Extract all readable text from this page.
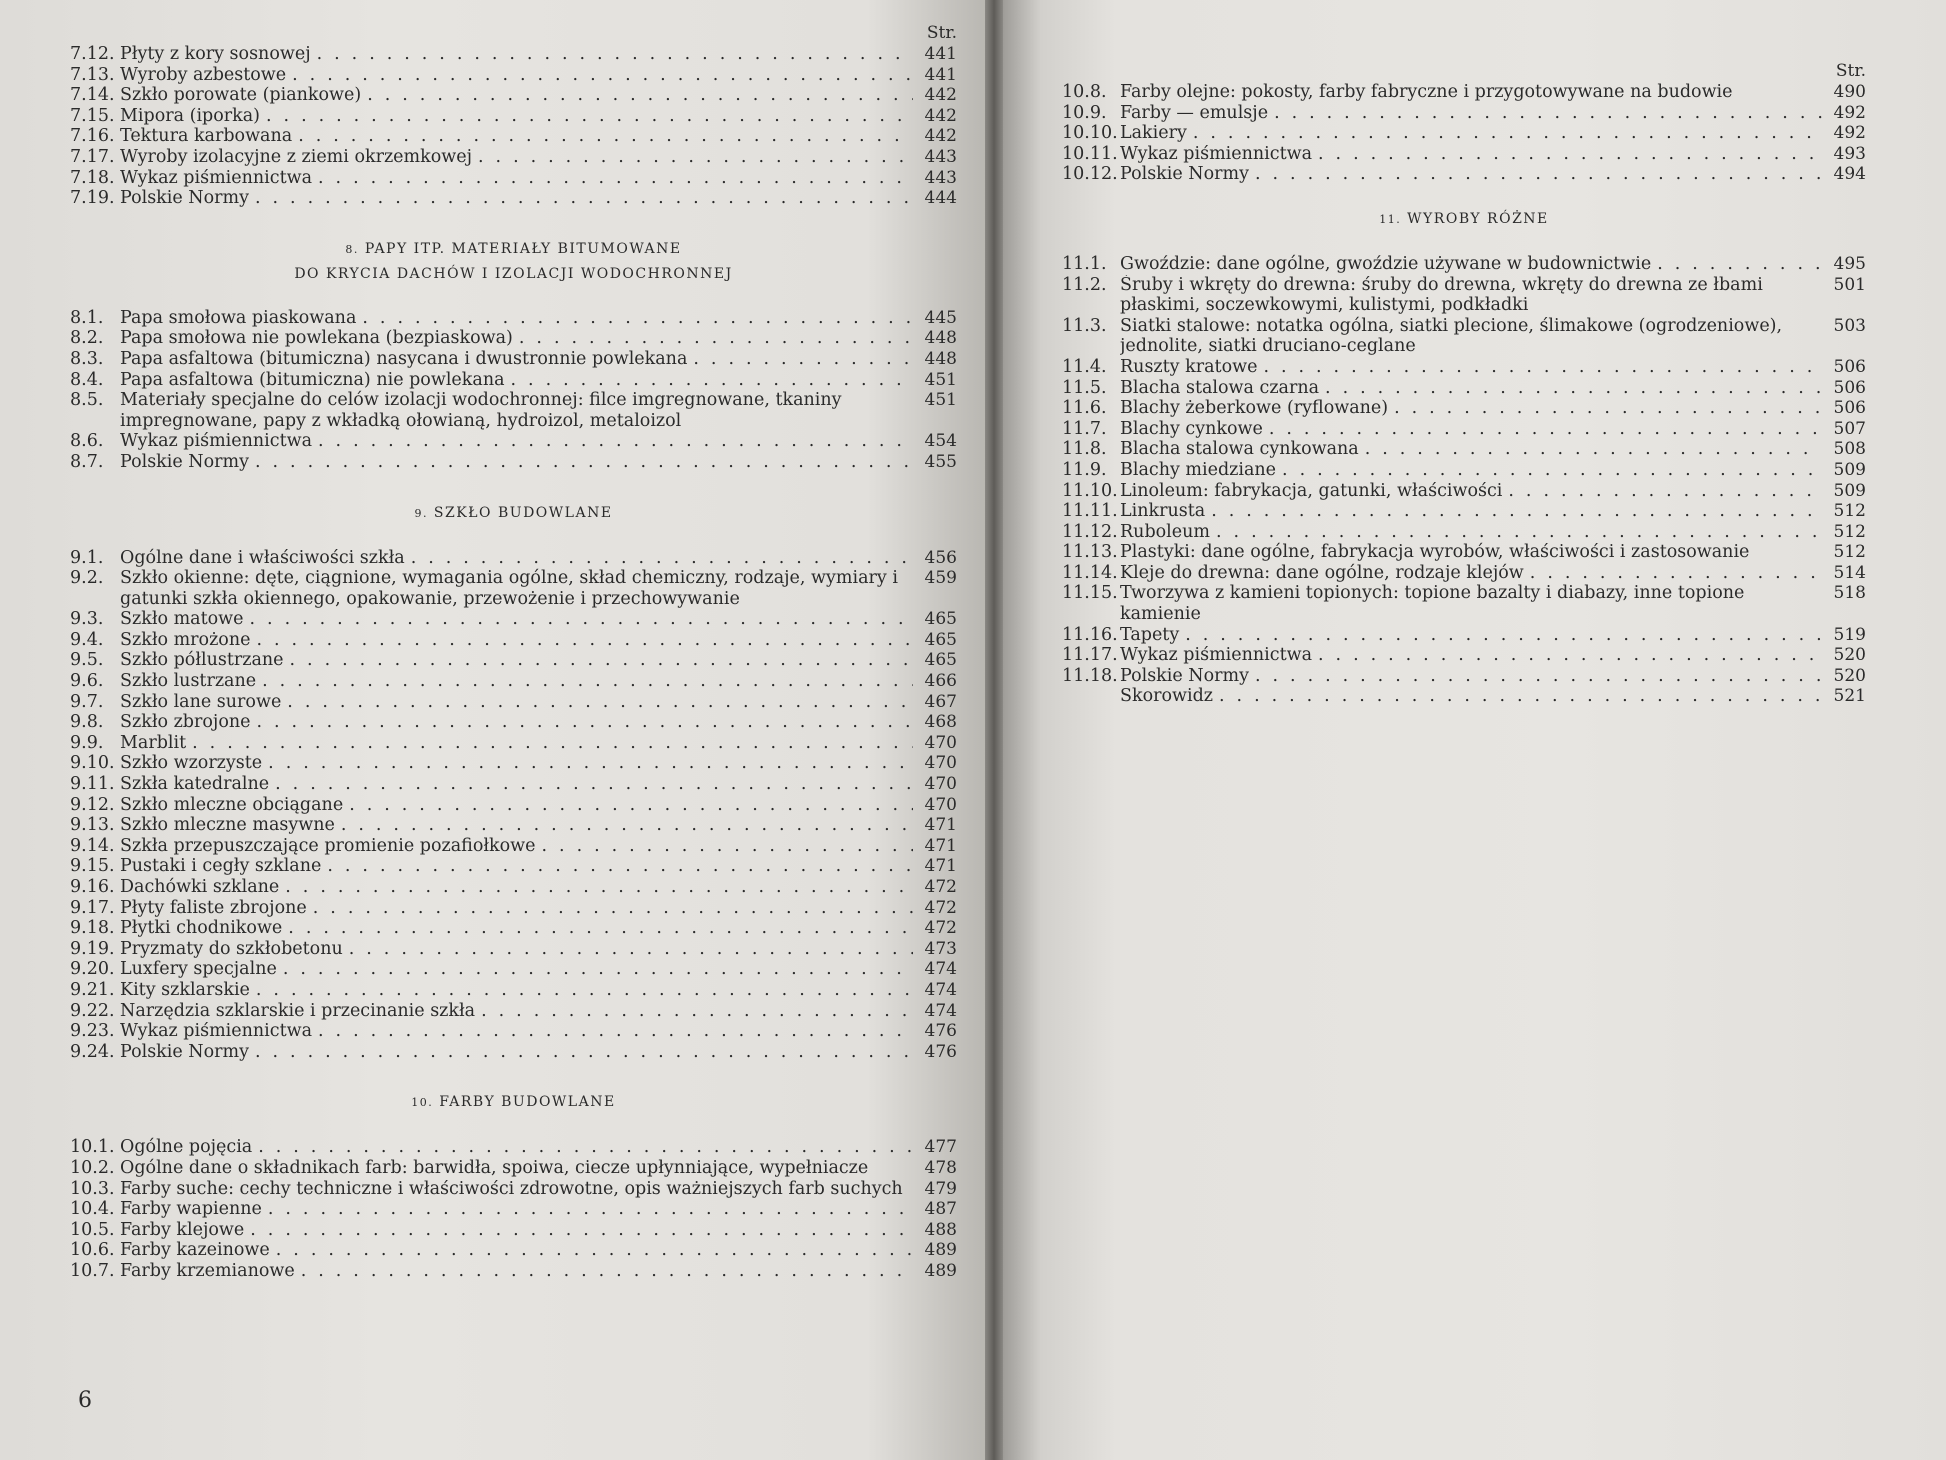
Str.
7.12. Płyty z kory sosnowej . . .	441
7.13. Wyroby azbestowe . . .	441
7.14. Szkło porowate (piankowe) . . .	442
7.15. Mipora (iporka) . . .	442
7.16. Tektura karbowana . . .	442
7.17. Wyroby izolacyjne z ziemi okrzemkowej . . .	443
7.18. Wykaz piśmiennictwa . . .	443
7.19. Polskie Normy . . .	444
8. PAPY ITP. MATERIAŁY BITUMOWANE
DO KRYCIA DACHÓW I IZOLACJI WODOCHRONNEJ
8.1. Papa smołowa piaskowana . . .	445
8.2. Papa smołowa nie powlekana (bezpiaskowa) . . .	448
8.3. Papa asfaltowa (bitumiczna) nasycana i dwustronnie powlekana . . .	448
8.4. Papa asfaltowa (bitumiczna) nie powlekana . . .	451
8.5. Materiały specjalne do celów izolacji wodochronnej: filce imgregnowane, tkaniny impregnowane, papy z wkładką ołowianą, hydroizol, metaloizol
451
8.6. Wykaz piśmiennictwa . . .	454
8.7. Polskie Normy . . .	455
9. SZKŁO BUDOWLANE
9.1. Ogólne dane i właściwości szkła . . .	456
9.2. Szkło okienne: dęte, ciągnione, wymagania ogólne, skład chemiczny, rodzaje, wymiary i gatunki szkła okiennego, opakowanie, przewożenie i przechowywanie
459
9.3. Szkło matowe . . .	465
9.4. Szkło mrożone . . .	465
9.5. Szkło półlustrzane . . .	465
9.6. Szkło lustrzane . . .	466
9.7. Szkło lane surowe . . .	467
9.8. Szkło zbrojone . . .	468
9.9. Marblit . . .	470
9.10. Szkło wzorzyste . . .	470
9.11. Szkła katedralne . . .	470
9.12. Szkło mleczne obciągane . . .	470
9.13. Szkło mleczne masywne . . .	471
9.14. Szkła przepuszczające promienie pozafiołkowe . . .	471
9.15. Pustaki i cegły szklane . . .	471
9.16. Dachówki szklane . . .	472
9.17. Płyty faliste zbrojone . . .	472
9.18. Płytki chodnikowe . . .	472
9.19. Pryzmaty do szkłobetonu . . .	473
9.20. Luxfery specjalne . . .	474
9.21. Kity szklarskie . . .	474
9.22. Narzędzia szklarskie i przecinanie szkła . . .	474
9.23. Wykaz piśmiennictwa . . .	476
9.24. Polskie Normy . . .	476
10. FARBY BUDOWLANE
10.1. Ogólne pojęcia . . .	477
10.2. Ogólne dane o składnikach farb: barwidła, spoiwa, ciecze upłynniające, wypełniacze	478
10.3. Farby suche: cechy techniczne i właściwości zdrowotne, opis ważniejszych farb suchych	479
10.4. Farby wapienne . . .	487
10.5. Farby klejowe . . .	488
10.6. Farby kazeinowe . . .	489
10.7. Farby krzemianowe . . .	489
6
Str.
10.8. Farby olejne: pokosty, farby fabryczne i przygotowywane na budowie	490
10.9. Farby — emulsje . . .	492
10.10. Lakiery . . .	492
10.11. Wykaz piśmiennictwa . . .	493
10.12. Polskie Normy . . .	494
11. WYROBY RÓŻNE
11.1. Gwoździe: dane ogólne, gwoździe używane w budownictwie . . .	495
11.2. Śruby i wkręty do drewna: śruby do drewna, wkręty do drewna ze łbami płaskimi, soczewkowymi, kulistymi, podkładki
501
11.3. Siatki stalowe: notatka ogólna, siatki plecione, ślimakowe (ogrodzeniowe), jednolite, siatki druciano-ceglane
503
11.4. Ruszty kratowe . . .	506
11.5. Blacha stalowa czarna . . .	506
11.6. Blachy żeberkowe (ryflowane) . . .	506
11.7. Blachy cynkowe . . .	507
11.8. Blacha stalowa cynkowana . . .	508
11.9. Blachy miedziane . . .	509
11.10. Linoleum: fabrykacja, gatunki, właściwości . . .	509
11.11. Linkrusta . . .	512
11.12. Ruboleum . . .	512
11.13. Plastyki: dane ogólne, fabrykacja wyrobów, właściwości i zastosowanie	512
11.14. Kleje do drewna: dane ogólne, rodzaje klejów . . .	514
11.15. Tworzywa z kamieni topionych: topione bazalty i diabazy, inne topione kamienie
518
11.16. Tapety . . .	519
11.17. Wykaz piśmiennictwa . . .	520
11.18. Polskie Normy . . .	520
Skorowidz . . .	521
